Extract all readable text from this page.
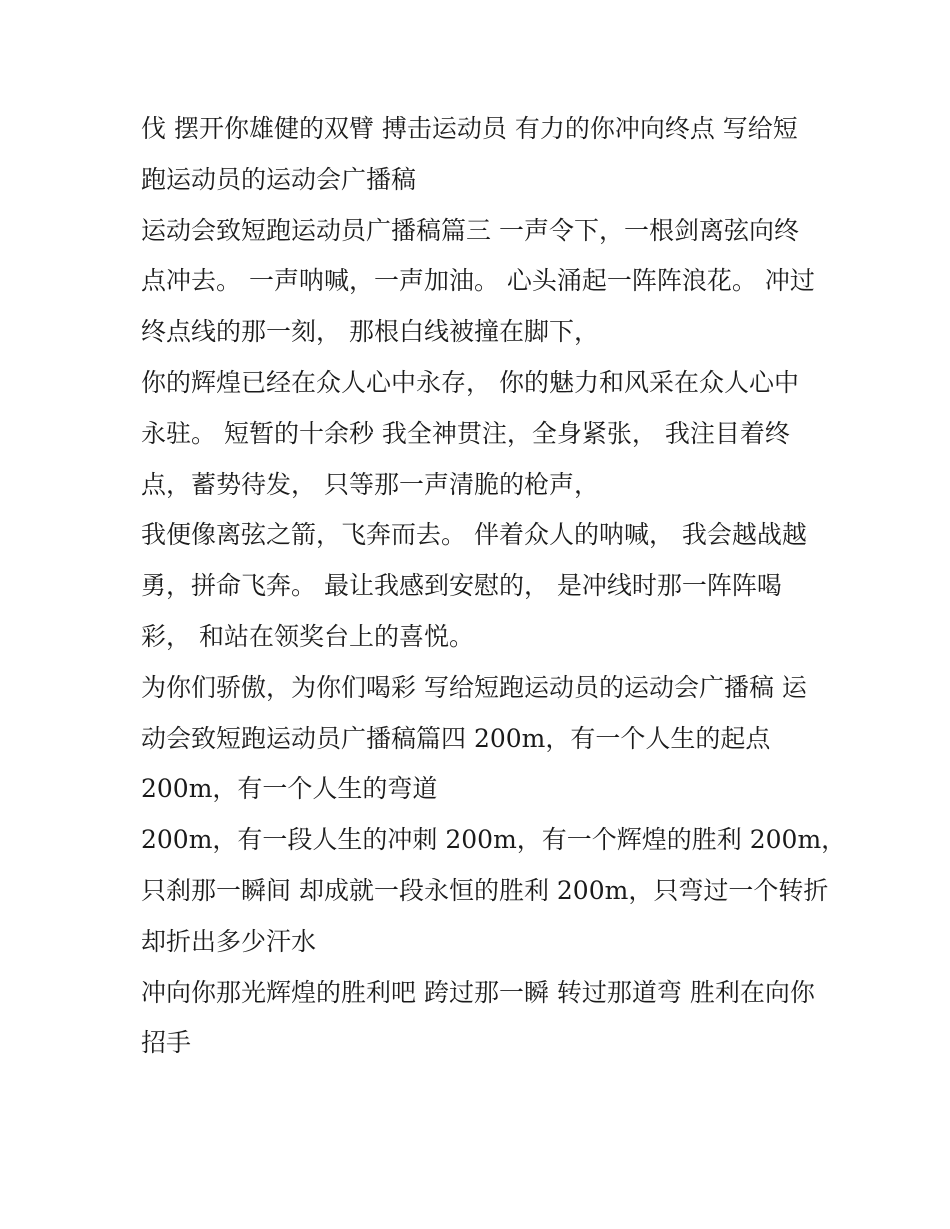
伐 摆开你雄健的双臂 搏击运动员 有力的你冲向终点 写给短
跑运动员的运动会广播稿

运动会致短跑运动员广播稿篇三 一声令下，一根剑离弦向终
点冲去。 一声呐喊，一声加油。 心头涌起一阵阵浪花。 冲过
终点线的那一刻， 那根白线被撞在脚下，

你的辉煌已经在众人心中永存， 你的魅力和风采在众人心中
永驻。 短暂的十余秒 我全神贯注，全身紧张， 我注目着终
点，蓄势待发， 只等那一声清脆的枪声，

我便像离弦之箭，飞奔而去。 伴着众人的呐喊， 我会越战越
勇，拼命飞奔。 最让我感到安慰的， 是冲线时那一阵阵喝
彩， 和站在领奖台上的喜悦。

为你们骄傲，为你们喝彩 写给短跑运动员的运动会广播稿 运
动会致短跑运动员广播稿篇四 200m，有一个人生的起点
200m，有一个人生的弯道

200m，有一段人生的冲刺 200m，有一个辉煌的胜利 200m，
只刹那一瞬间 却成就一段永恒的胜利 200m，只弯过一个转折
却折出多少汗水

冲向你那光辉煌的胜利吧 跨过那一瞬 转过那道弯 胜利在向你
招手
